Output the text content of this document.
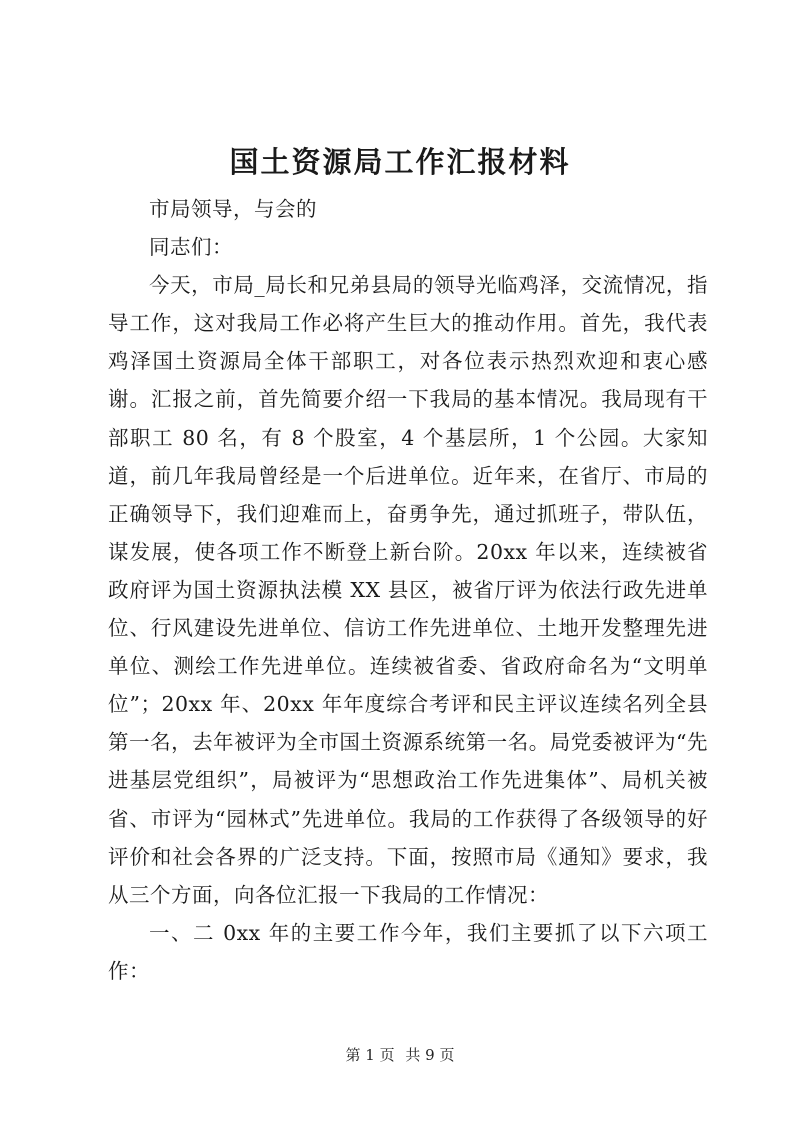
国土资源局工作汇报材料

市局领导，与会的

同志们：

今天，市局_局长和兄弟县局的领导光临鸡泽，交流情况，指导工作，这对我局工作必将产生巨大的推动作用。首先，我代表鸡泽国土资源局全体干部职工，对各位表示热烈欢迎和衷心感谢。汇报之前，首先简要介绍一下我局的基本情况。我局现有干部职工 80 名，有 8 个股室，4 个基层所，1 个公园。大家知道，前几年我局曾经是一个后进单位。近年来，在省厅、市局的正确领导下，我们迎难而上，奋勇争先，通过抓班子，带队伍，谋发展，使各项工作不断登上新台阶。20xx 年以来，连续被省政府评为国土资源执法模 XX 县区，被省厅评为依法行政先进单位、行风建设先进单位、信访工作先进单位、土地开发整理先进单位、测绘工作先进单位。连续被省委、省政府命名为“文明单位”；20xx 年、20xx 年年度综合考评和民主评议连续名列全县第一名，去年被评为全市国土资源系统第一名。局党委被评为“先进基层党组织”，局被评为“思想政治工作先进集体”、局机关被省、市评为“园林式”先进单位。我局的工作获得了各级领导的好评价和社会各界的广泛支持。下面，按照市局《通知》要求，我从三个方面，向各位汇报一下我局的工作情况：

一、二 0xx 年的主要工作今年，我们主要抓了以下六项工作：

第 1 页 共 9 页
